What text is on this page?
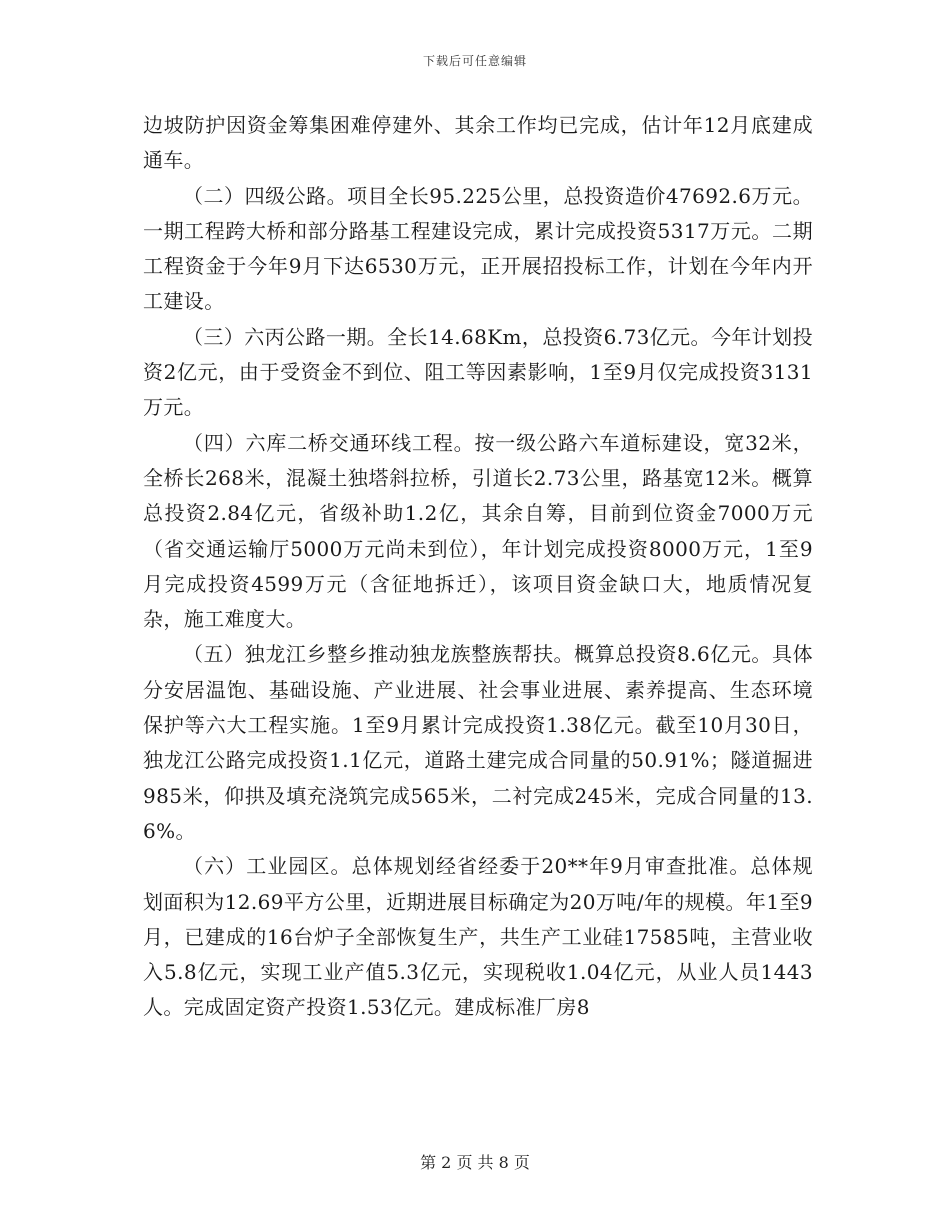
下载后可任意编辑

边坡防护因资金筹集困难停建外、其余工作均已完成，估计年12月底建成通车。

（二）四级公路。项目全长95.225公里，总投资造价47692.6万元。一期工程跨大桥和部分路基工程建设完成，累计完成投资5317万元。二期工程资金于今年9月下达6530万元，正开展招投标工作，计划在今年内开工建设。

（三）六丙公路一期。全长14.68Km，总投资6.73亿元。今年计划投资2亿元，由于受资金不到位、阻工等因素影响，1至9月仅完成投资3131万元。

（四）六库二桥交通环线工程。按一级公路六车道标建设，宽32米，全桥长268米，混凝土独塔斜拉桥，引道长2.73公里，路基宽12米。概算总投资2.84亿元，省级补助1.2亿，其余自筹，目前到位资金7000万元（省交通运输厅5000万元尚未到位），年计划完成投资8000万元，1至9月完成投资4599万元（含征地拆迁），该项目资金缺口大，地质情况复杂，施工难度大。

（五）独龙江乡整乡推动独龙族整族帮扶。概算总投资8.6亿元。具体分安居温饱、基础设施、产业进展、社会事业进展、素养提高、生态环境保护等六大工程实施。1至9月累计完成投资1.38亿元。截至10月30日，独龙江公路完成投资1.1亿元，道路土建完成合同量的50.91%；隧道掘进985米，仰拱及填充浇筑完成565米，二衬完成245米，完成合同量的13.6%。

（六）工业园区。总体规划经省经委于20**年9月审查批准。总体规划面积为12.69平方公里，近期进展目标确定为20万吨/年的规模。年1至9月，已建成的16台炉子全部恢复生产，共生产工业硅17585吨，主营业收入5.8亿元，实现工业产值5.3亿元，实现税收1.04亿元，从业人员1443人。完成固定资产投资1.53亿元。建成标准厂房8

第 2 页 共 8 页
